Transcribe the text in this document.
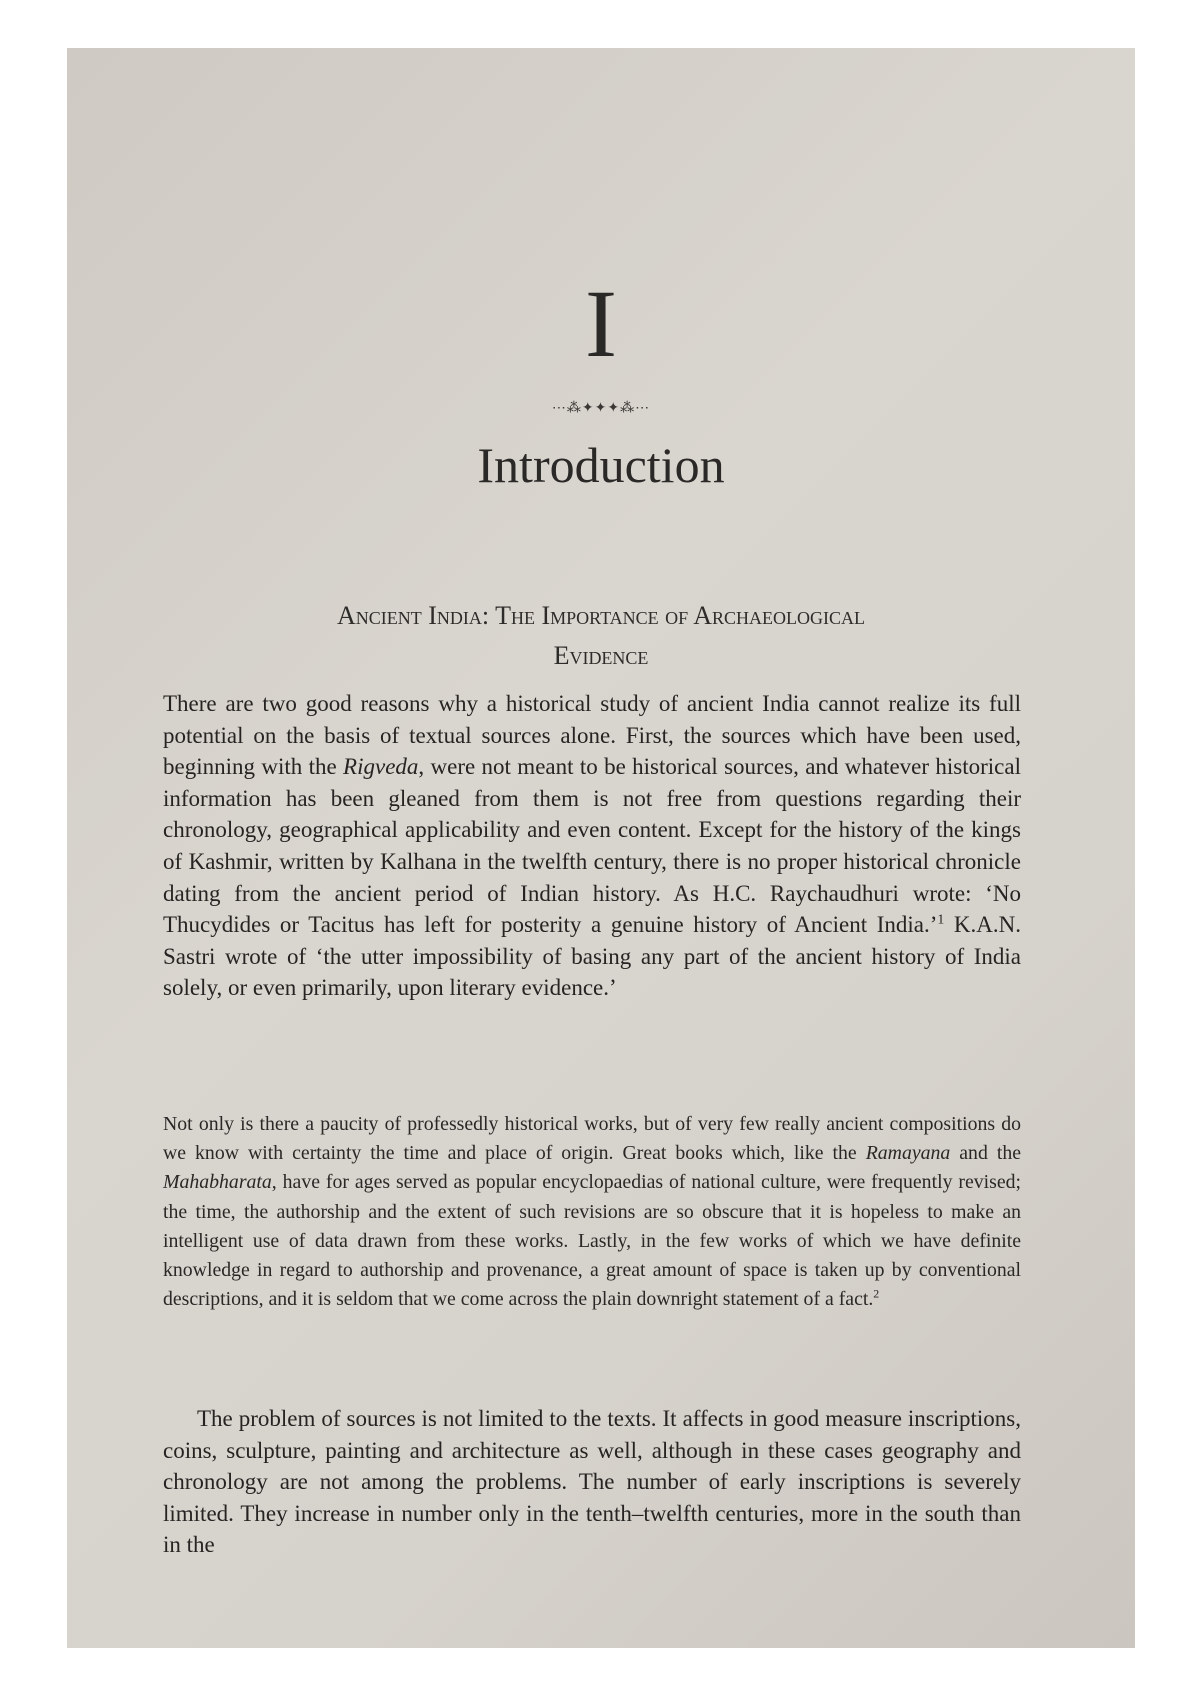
I
⋯⁂✦✦✦⁂⋯
Introduction
Ancient India: The Importance of Archaeological
Evidence
There are two good reasons why a historical study of ancient India cannot realize its full potential on the basis of textual sources alone. First, the sources which have been used, beginning with the Rigveda, were not meant to be historical sources, and whatever historical information has been gleaned from them is not free from questions regarding their chronology, geographical applicability and even content. Except for the history of the kings of Kashmir, written by Kalhana in the twelfth century, there is no proper historical chronicle dating from the ancient period of Indian history. As H.C. Raychaudhuri wrote: ‘No Thucydides or Tacitus has left for posterity a genuine history of Ancient India.’$^1$ K.A.N. Sastri wrote of ‘the utter impossibility of basing any part of the ancient history of India solely, or even primarily, upon literary evidence.’
Not only is there a paucity of professedly historical works, but of very few really ancient compositions do we know with certainty the time and place of origin. Great books which, like the Ramayana and the Mahabharata, have for ages served as popular encyclopaedias of national culture, were frequently revised; the time, the authorship and the extent of such revisions are so obscure that it is hopeless to make an intelligent use of data drawn from these works. Lastly, in the few works of which we have definite knowledge in regard to authorship and provenance, a great amount of space is taken up by conventional descriptions, and it is seldom that we come across the plain downright statement of a fact.$^2$
The problem of sources is not limited to the texts. It affects in good measure inscriptions, coins, sculpture, painting and architecture as well, although in these cases geography and chronology are not among the problems. The number of early inscriptions is severely limited. They increase in number only in the tenth–twelfth centuries, more in the south than in the
